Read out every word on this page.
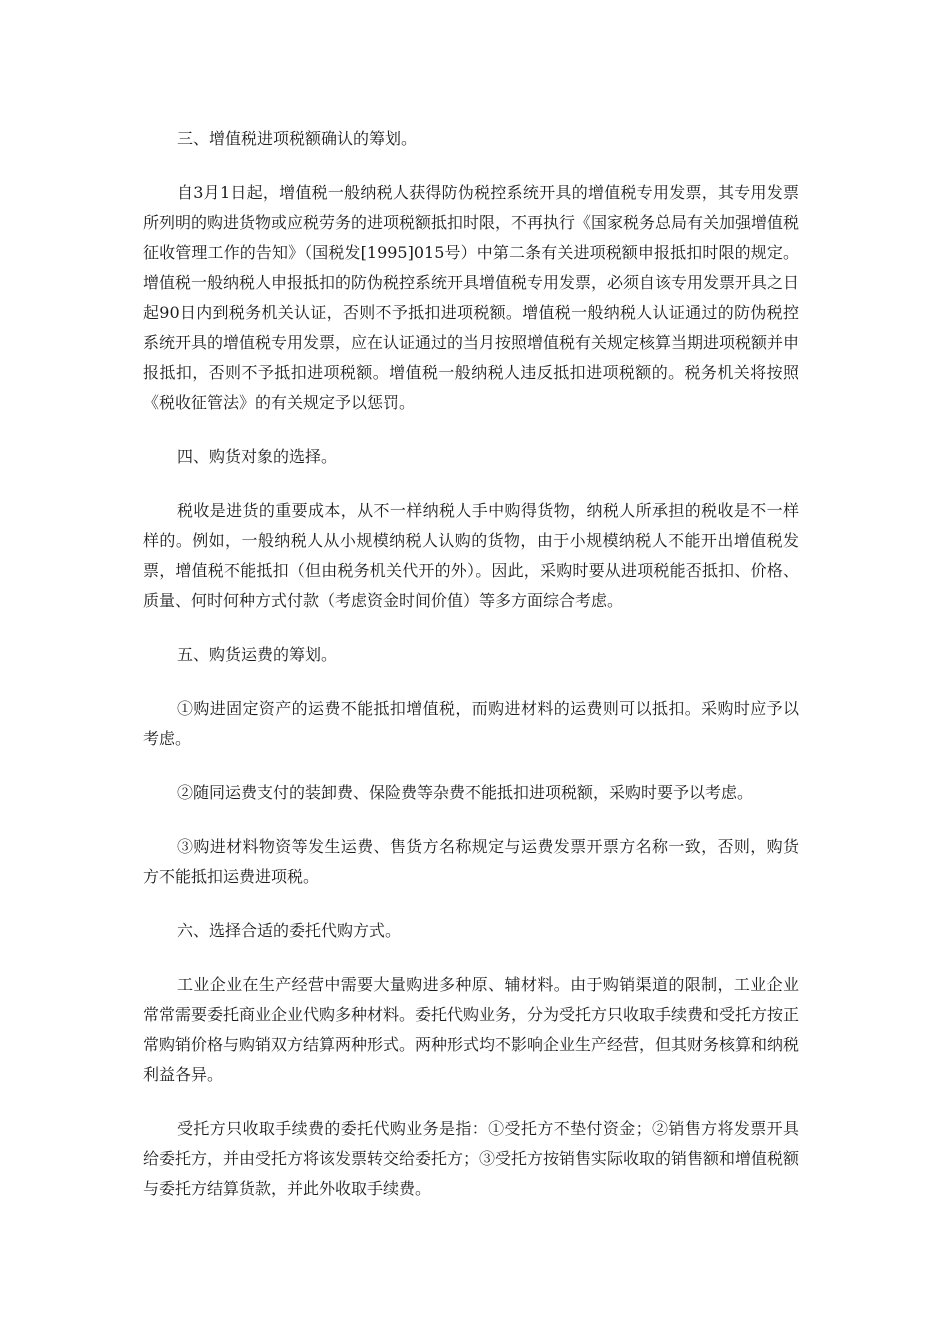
三、增值税进项税额确认的筹划。

自3月1日起，增值税一般纳税人获得防伪税控系统开具的增值税专用发票，其专用发票所列明的购进货物或应税劳务的进项税额抵扣时限，不再执行《国家税务总局有关加强增值税征收管理工作的告知》（国税发[1995]015号）中第二条有关进项税额申报抵扣时限的规定。增值税一般纳税人申报抵扣的防伪税控系统开具增值税专用发票，必须自该专用发票开具之日起90日内到税务机关认证，否则不予抵扣进项税额。增值税一般纳税人认证通过的防伪税控系统开具的增值税专用发票，应在认证通过的当月按照增值税有关规定核算当期进项税额并申报抵扣，否则不予抵扣进项税额。增值税一般纳税人违反抵扣进项税额的。税务机关将按照《税收征管法》的有关规定予以惩罚。

四、购货对象的选择。

税收是进货的重要成本，从不一样纳税人手中购得货物，纳税人所承担的税收是不一样样的。例如，一般纳税人从小规模纳税人认购的货物，由于小规模纳税人不能开出增值税发票，增值税不能抵扣（但由税务机关代开的外）。因此，采购时要从进项税能否抵扣、价格、质量、何时何种方式付款（考虑资金时间价值）等多方面综合考虑。

五、购货运费的筹划。

①购进固定资产的运费不能抵扣增值税，而购进材料的运费则可以抵扣。采购时应予以考虑。

②随同运费支付的装卸费、保险费等杂费不能抵扣进项税额，采购时要予以考虑。

③购进材料物资等发生运费、售货方名称规定与运费发票开票方名称一致，否则，购货方不能抵扣运费进项税。

六、选择合适的委托代购方式。

工业企业在生产经营中需要大量购进多种原、辅材料。由于购销渠道的限制，工业企业常常需要委托商业企业代购多种材料。委托代购业务，分为受托方只收取手续费和受托方按正常购销价格与购销双方结算两种形式。两种形式均不影响企业生产经营，但其财务核算和纳税利益各异。

受托方只收取手续费的委托代购业务是指：①受托方不垫付资金；②销售方将发票开具给委托方，并由受托方将该发票转交给委托方；③受托方按销售实际收取的销售额和增值税额与委托方结算货款，并此外收取手续费。
